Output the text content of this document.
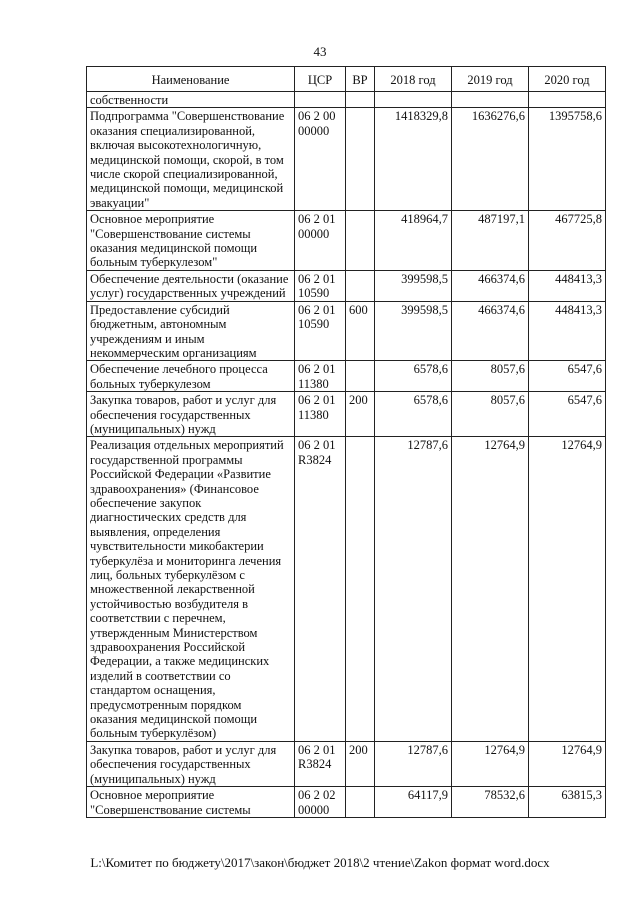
43
Наименование	ЦСР	ВР	2018 год	2019 год	2020 год
собственности					
Подпрограмма "Совершенствование оказания специализированной, включая высокотехнологичную, медицинской помощи, скорой, в том числе скорой специализированной, медицинской помощи, медицинской эвакуации"	06 2 00 00000		1418329,8	1636276,6	1395758,6
Основное мероприятие "Совершенствование системы оказания медицинской помощи больным туберкулезом"	06 2 01 00000		418964,7	487197,1	467725,8
Обеспечение деятельности (оказание услуг) государственных учреждений	06 2 01 10590		399598,5	466374,6	448413,3
Предоставление субсидий бюджетным, автономным учреждениям и иным некоммерческим организациям	06 2 01 10590	600	399598,5	466374,6	448413,3
Обеспечение лечебного процесса больных туберкулезом	06 2 01 11380		6578,6	8057,6	6547,6
Закупка товаров, работ и услуг для обеспечения государственных (муниципальных) нужд	06 2 01 11380	200	6578,6	8057,6	6547,6
Реализация отдельных мероприятий государственной программы Российской Федерации «Развитие здравоохранения» (Финансовое обеспечение закупок диагностических средств для выявления, определения чувствительности микобактерии туберкулёза и мониторинга лечения лиц, больных туберкулёзом с множественной лекарственной устойчивостью возбудителя в соответствии с перечнем, утвержденным Министерством здравоохранения Российской Федерации, а также медицинских изделий в соответствии со стандартом оснащения, предусмотренным порядком оказания медицинской помощи больным туберкулёзом)	06 2 01 R3824		12787,6	12764,9	12764,9
Закупка товаров, работ и услуг для обеспечения государственных (муниципальных) нужд	06 2 01 R3824	200	12787,6	12764,9	12764,9
Основное мероприятие "Совершенствование системы	06 2 02 00000		64117,9	78532,6	63815,3
L:\Комитет по бюджету\2017\закон\бюджет 2018\2 чтение\Zakon формат word.docx
